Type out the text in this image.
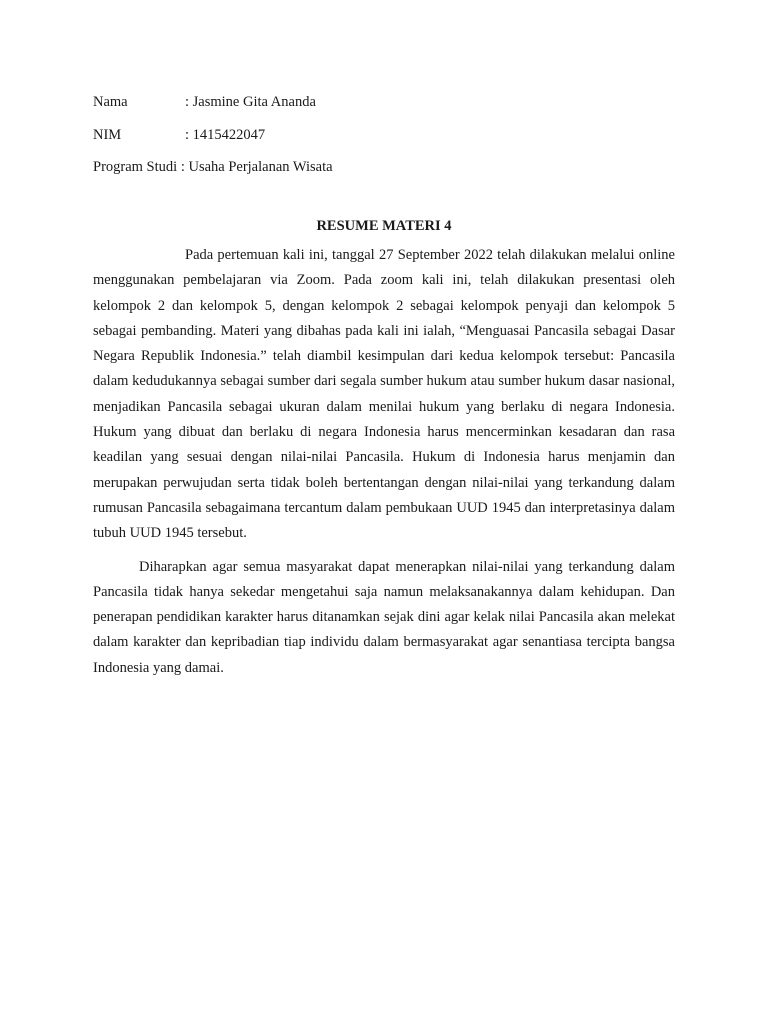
Nama	: Jasmine Gita Ananda
NIM	: 1415422047
Program Studi : Usaha Perjalanan Wisata
RESUME MATERI 4

Pada pertemuan kali ini, tanggal 27 September 2022 telah dilakukan melalui online menggunakan pembelajaran via Zoom. Pada zoom kali ini, telah dilakukan presentasi oleh kelompok 2 dan kelompok 5, dengan kelompok 2 sebagai kelompok penyaji dan kelompok 5 sebagai pembanding. Materi yang dibahas pada kali ini ialah, “Menguasai Pancasila sebagai Dasar Negara Republik Indonesia.” telah diambil kesimpulan dari kedua kelompok tersebut: Pancasila dalam kedudukannya sebagai sumber dari segala sumber hukum atau sumber hukum dasar nasional, menjadikan Pancasila sebagai ukuran dalam menilai hukum yang berlaku di negara Indonesia. Hukum yang dibuat dan berlaku di negara Indonesia harus mencerminkan kesadaran dan rasa keadilan yang sesuai dengan nilai-nilai Pancasila. Hukum di Indonesia harus menjamin dan merupakan perwujudan serta tidak boleh bertentangan dengan nilai-nilai yang terkandung dalam rumusan Pancasila sebagaimana tercantum dalam pembukaan UUD 1945 dan interpretasinya dalam tubuh UUD 1945 tersebut.

Diharapkan agar semua masyarakat dapat menerapkan nilai-nilai yang terkandung dalam Pancasila tidak hanya sekedar mengetahui saja namun melaksanakannya dalam kehidupan. Dan penerapan pendidikan karakter harus ditanamkan sejak dini agar kelak nilai Pancasila akan melekat dalam karakter dan kepribadian tiap individu dalam bermasyarakat agar senantiasa tercipta bangsa Indonesia yang damai.
